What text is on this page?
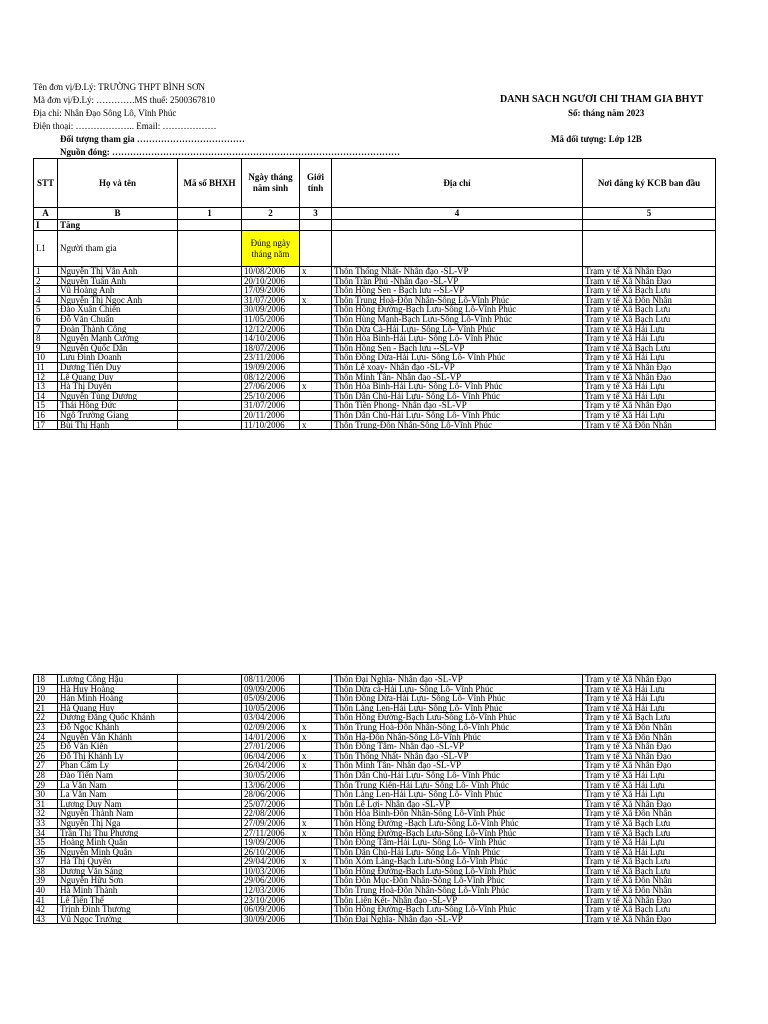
Tên đơn vị/Đ.Lý: TRƯỜNG THPT BÌNH SƠN
Mã đơn vị/Đ.Lý: ………….MS thuế: 2500367810
Địa chỉ: Nhân Đạo Sông Lô, Vĩnh Phúc
Điện thoại: ……………….. Email: ………………
Đối tượng tham gia ………………………………
Nguồn đóng: ……………………………………………………………………………………
DANH SÁCH NGƯỜI CHỈ THAM GIA BHYT
Số: tháng năm 2023
Mã đối tượng: Lớp 12B
STT	Họ và tên	Mã số BHXH	Ngày tháng năm sinh	Giới tính	Địa chỉ	Nơi đăng ký KCB ban đầu
A	B	1	2	3	4	5
I	Tăng					
I.1	Người tham gia		Đúng ngày tháng năm			
1	Nguyễn Thị Vân Anh		10/08/2006	x	Thôn Thống Nhất- Nhân đạo -SL-VP	Trạm y tế Xã Nhân Đạo
2	Nguyễn Tuấn Anh		20/10/2006		Thôn Trần Phú -Nhân đạo -SL-VP	Trạm y tế Xã Nhân Đạo
3	Vũ Hoàng Anh		17/09/2006		Thôn Hồng Sen - Bạch lưu --SL-VP	Trạm y tế Xã Bạch Lưu
4	Nguyễn Thị Ngọc Anh		31/07/2006	x	Thôn Trung Hoà-Đôn Nhân-Sông Lô-Vĩnh Phúc	Trạm y tế Xã Đôn Nhân
5	Đào Xuân Chiến		30/09/2006		Thôn Hồng Đường-Bạch Lưu-Sông Lô-Vĩnh Phúc	Trạm y tế Xã Bạch Lưu
6	Đỗ Văn Chuẩn		11/05/2006		Thôn Hùng Mạnh-Bạch Lưu-Sông Lô-Vĩnh Phúc	Trạm y tế Xã Bạch Lưu
7	Đoàn Thành Công		12/12/2006		Thôn Dừa Cà-Hải Lựu- Sông Lô- Vĩnh Phúc	Trạm y tế Xã Hải Lựu
8	Nguyễn Mạnh Cường		14/10/2006		Thôn Hòa Bình-Hải Lựu- Sông Lô- Vĩnh Phúc	Trạm y tế Xã Hải Lựu
9	Nguyễn Quốc Dân		18/07/2006		Thôn Hồng Sen - Bạch lưu --SL-VP	Trạm y tế Xã Bạch Lưu
10	Lưu Đình Doanh		23/11/2006		Thôn Đồng Dừa-Hải Lựu- Sông Lô- Vĩnh Phúc	Trạm y tế Xã Hải Lựu
11	Dương Tiến Duy		19/09/2006		Thôn Lê xoay- Nhân đạo -SL-VP	Trạm y tế Xã Nhân Đạo
12	Lê Quang Duy		08/12/2006		Thôn Minh Tân- Nhân đạo -SL-VP	Trạm y tế Xã Nhân Đạo
13	Hà Thị Duyên		27/06/2006	x	Thôn Hòa Bình-Hải Lựu- Sông Lô- Vĩnh Phúc	Trạm y tế Xã Hải Lựu
14	Nguyễn Tùng Dương		25/10/2006		Thôn Dân Chủ-Hải Lựu- Sông Lô- Vĩnh Phúc	Trạm y tế Xã Hải Lựu
15	Thái Hồng Đức		31/07/2006		Thôn Tiền Phong- Nhân đạo -SL-VP	Trạm y tế Xã Nhân Đạo
16	Ngô Trường Giang		20/11/2006		Thôn Dân Chủ-Hải Lựu- Sông Lô- Vĩnh Phúc	Trạm y tế Xã Hải Lựu
17	Bùi Thị Hạnh		11/10/2006	x	Thôn Trung-Đôn Nhân-Sông Lô-Vĩnh Phúc	Trạm y tế Xã Đôn Nhân
18	Lương Công Hậu		08/11/2006		Thôn Đại Nghĩa- Nhân đạo -SL-VP	Trạm y tế Xã Nhân Đạo
19	Hà Huy Hoàng		09/09/2006		Thôn Dừa cà-Hải Lựu- Sông Lô- Vĩnh Phúc	Trạm y tế Xã Hải Lựu
20	Hán Minh Hoàng		05/09/2006		Thôn Đồng Dừa-Hải Lựu- Sông Lô- Vĩnh Phúc	Trạm y tế Xã Hải Lựu
21	Hà Quang Huy		10/05/2006		Thôn Làng Len-Hải Lựu- Sông Lô- Vĩnh Phúc	Trạm y tế Xã Hải Lựu
22	Dương Đăng Quốc Khánh		03/04/2006		Thôn Hồng Đường-Bạch Lưu-Sông Lô-Vĩnh Phúc	Trạm y tế Xã Bạch Lưu
23	Đỗ Ngọc Khánh		02/09/2006	x	Thôn Trung Hoà-Đôn Nhân-Sông Lô-Vĩnh Phúc	Trạm y tế Xã Đôn Nhân
24	Nguyễn Vân Khánh		14/01/2006	x	Thôn Hạ-Đôn Nhân-Sông Lô-Vĩnh Phúc	Trạm y tế Xã Đôn Nhân
25	Đỗ Văn Kiên		27/01/2006		Thôn Đồng Tâm- Nhân đạo -SL-VP	Trạm y tế Xã Nhân Đạo
26	Đỗ Thị Khánh Ly		06/04/2006	x	Thôn Thống Nhất- Nhân đạo -SL-VP	Trạm y tế Xã Nhân Đạo
27	Phan Cẩm Ly		26/04/2006	x	Thôn Minh Tân- Nhân đạo -SL-VP	Trạm y tế Xã Nhân Đạo
28	Đào Tiến Nam		30/05/2006		Thôn Dân Chủ-Hải Lựu- Sông Lô- Vĩnh Phúc	Trạm y tế Xã Hải Lựu
29	La Văn Nam		13/06/2006		Thôn Trung Kiên-Hải Lựu- Sông Lô- Vĩnh Phúc	Trạm y tế Xã Hải Lựu
30	La Văn Nam		28/06/2006		Thôn Làng Len-Hải Lựu- Sông Lô- Vĩnh Phúc	Trạm y tế Xã Hải Lựu
31	Lương Duy Nam		25/07/2006		Thôn Lê Lợi- Nhân đạo -SL-VP	Trạm y tế Xã Nhân Đạo
32	Nguyễn Thành Nam		22/08/2006		Thôn Hòa Bình-Đôn Nhân-Sông Lô-Vĩnh Phúc	Trạm y tế Xã Đôn Nhân
33	Nguyễn Thị Nga		27/09/2006	x	Thôn Hồng Đường -Bạch Lưu-Sông Lô-Vĩnh Phúc	Trạm y tế Xã Bạch Lưu
34	Trần Thị Thu Phương		27/11/2006	x	Thôn Hồng Đường-Bạch Lưu-Sông Lô-Vĩnh Phúc	Trạm y tế Xã Bạch Lưu
35	Hoàng Minh Quân		19/09/2006		Thôn Đồng Tâm-Hải Lựu- Sông Lô- Vĩnh Phúc	Trạm y tế Xã Hải Lựu
36	Nguyễn Minh Quân		26/10/2006		Thôn Dân Chủ-Hải Lựu- Sông Lô- Vĩnh Phúc	Trạm y tế Xã Hải Lựu
37	Hà Thị Quyên		29/04/2006	x	Thôn Xóm Làng-Bạch Lưu-Sông Lô-Vĩnh Phúc	Trạm y tế Xã Bạch Lưu
38	Dương Văn Sáng		10/03/2006		Thôn Hồng Đường-Bạch Lưu-Sông Lô-Vĩnh Phúc	Trạm y tế Xã Bạch Lưu
39	Nguyễn Hữu Sơn		29/06/2006		Thôn Đôn Mục-Đôn Nhân-Sông Lô-Vĩnh Phúc	Trạm y tế Xã Đôn Nhân
40	Hà Minh Thành		12/03/2006		Thôn Trung Hoà-Đôn Nhân-Sông Lô-Vĩnh Phúc	Trạm y tế Xã Đôn Nhân
41	Lê Tiến Thế		23/10/2006		Thôn Liên Kết- Nhân đạo -SL-VP	Trạm y tế Xã Nhân Đạo
42	Trịnh Đình Thương		06/09/2006		Thôn Hồng Đường-Bạch Lưu-Sông Lô-Vĩnh Phúc	Trạm y tế Xã Bạch Lưu
43	Vũ Ngọc Trường		30/09/2006		Thôn Đại Nghĩa- Nhân đạo -SL-VP	Trạm y tế Xã Nhân Đạo
